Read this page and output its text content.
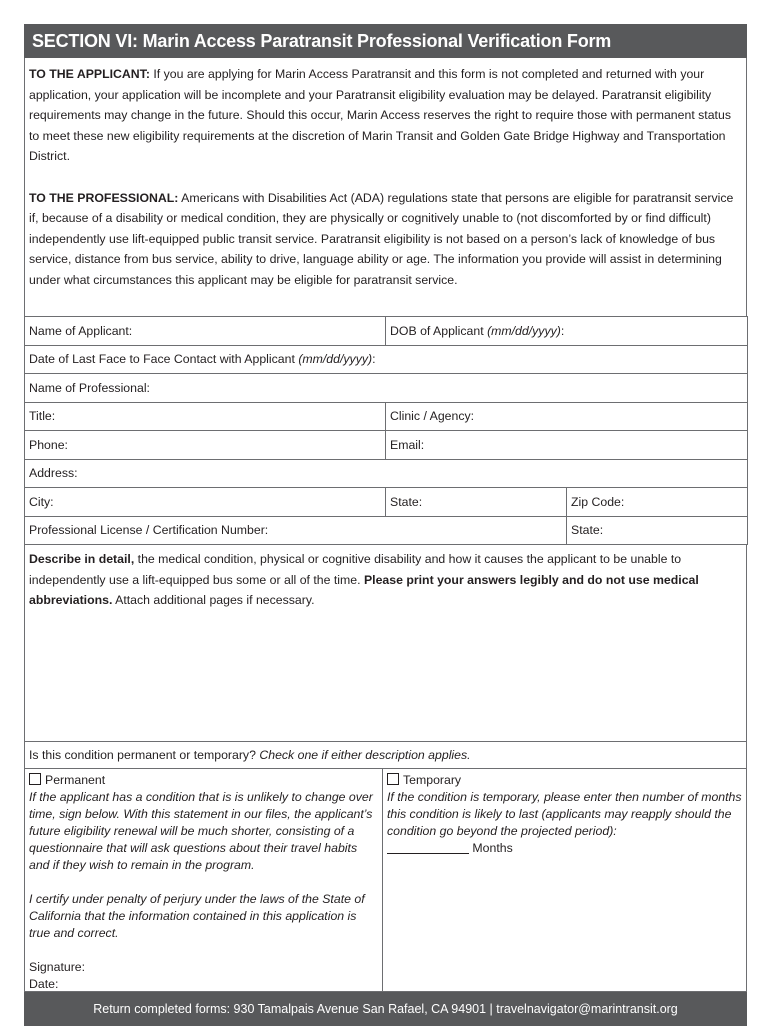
SECTION VI: Marin Access Paratransit Professional Verification Form

TO THE APPLICANT: If you are applying for Marin Access Paratransit and this form is not completed and returned with your application, your application will be incomplete and your Paratransit eligibility evaluation may be delayed. Paratransit eligibility requirements may change in the future. Should this occur, Marin Access reserves the right to require those with permanent status to meet these new eligibility requirements at the discretion of Marin Transit and Golden Gate Bridge Highway and Transportation District.

TO THE PROFESSIONAL: Americans with Disabilities Act (ADA) regulations state that persons are eligible for paratransit service if, because of a disability or medical condition, they are physically or cognitively unable to (not discomforted by or find difficult) independently use lift-equipped public transit service. Paratransit eligibility is not based on a person’s lack of knowledge of bus service, distance from bus service, ability to drive, language ability or age. The information you provide will assist in determining under what circumstances this applicant may be eligible for paratransit service.

Name of Applicant:	DOB of Applicant (mm/dd/yyyy):	
Date of Last Face to Face Contact with Applicant (mm/dd/yyyy):		
Name of Professional:		
Title:	Clinic / Agency:	
Phone:	Email:	
Address:		
City:	State:	Zip Code:
Professional License / Certification Number:		State:
Describe in detail, the medical condition, physical or cognitive disability and how it causes the applicant to be unable to independently use a lift-equipped bus some or all of the time. Please print your answers legibly and do not use medical abbreviations. Attach additional pages if necessary.
Is this condition permanent or temporary? Check one if either description applies.
Permanent
If the applicant has a condition that is is unlikely to change over time, sign below. With this statement in our files, the applicant’s future eligibility renewal will be much shorter, consisting of a questionnaire that will ask questions about their travel habits and if they wish to remain in the program.
I certify under penalty of perjury under the laws of the State of California that the information contained in this application is true and correct.
Signature:
Date:
Temporary
If the condition is temporary, please enter then number of months this condition is likely to last (applicants may reapply should the condition go beyond the projected period):
Months
Return completed forms: 930 Tamalpais Avenue San Rafael, CA 94901 | travelnavigator@marintransit.org
